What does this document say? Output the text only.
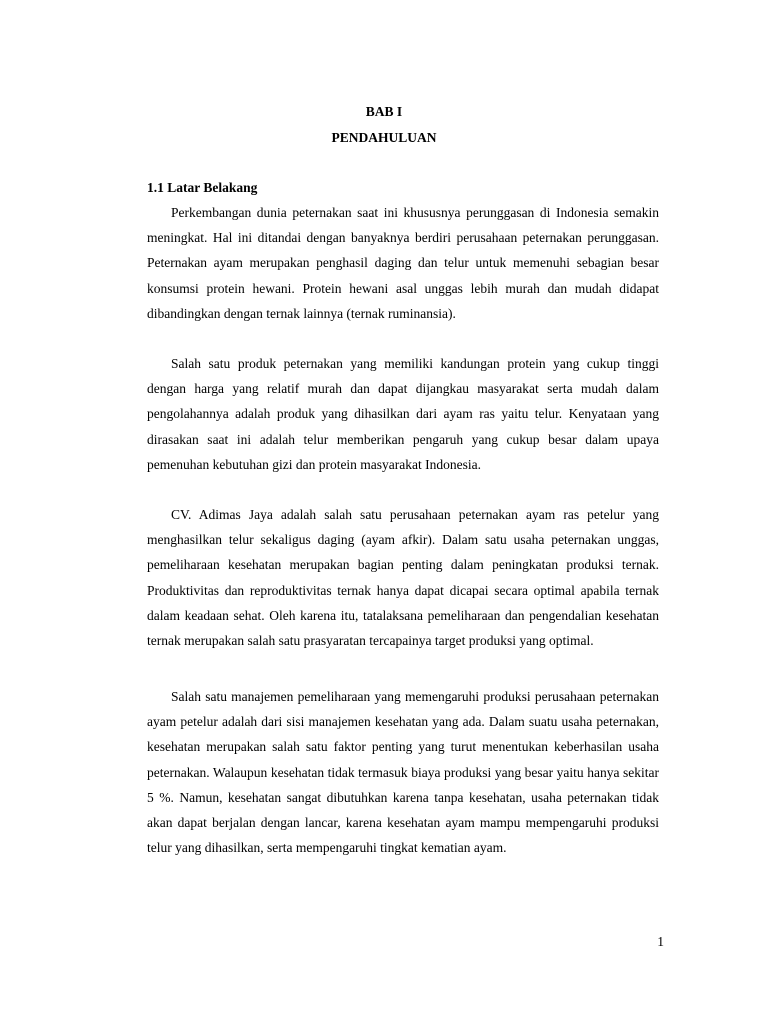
BAB I
PENDAHULUAN
1.1 Latar Belakang

Perkembangan dunia peternakan saat ini khususnya perunggasan di Indonesia semakin meningkat. Hal ini ditandai dengan banyaknya berdiri perusahaan peternakan perunggasan. Peternakan ayam merupakan penghasil daging dan telur untuk memenuhi sebagian besar konsumsi protein hewani. Protein hewani asal unggas lebih murah dan mudah didapat dibandingkan dengan ternak lainnya (ternak ruminansia).

Salah satu produk peternakan yang memiliki kandungan protein yang cukup tinggi dengan harga yang relatif murah dan dapat dijangkau masyarakat serta mudah dalam pengolahannya adalah produk yang dihasilkan dari ayam ras yaitu telur. Kenyataan yang dirasakan saat ini adalah telur memberikan pengaruh yang cukup besar dalam upaya pemenuhan kebutuhan gizi dan protein masyarakat Indonesia.

CV. Adimas Jaya adalah salah satu perusahaan peternakan ayam ras petelur yang menghasilkan telur sekaligus daging (ayam afkir). Dalam satu usaha peternakan unggas, pemeliharaan kesehatan merupakan bagian penting dalam peningkatan produksi ternak. Produktivitas dan reproduktivitas ternak hanya dapat dicapai secara optimal apabila ternak dalam keadaan sehat. Oleh karena itu, tatalaksana pemeliharaan dan pengendalian kesehatan ternak merupakan salah satu prasyaratan tercapainya target produksi yang optimal.

Salah satu manajemen pemeliharaan yang memengaruhi produksi perusahaan peternakan ayam petelur adalah dari sisi manajemen kesehatan yang ada. Dalam suatu usaha peternakan, kesehatan merupakan salah satu faktor penting yang turut menentukan keberhasilan usaha peternakan. Walaupun kesehatan tidak termasuk biaya produksi yang besar yaitu hanya sekitar 5 %. Namun, kesehatan sangat dibutuhkan karena tanpa kesehatan, usaha peternakan tidak akan dapat berjalan dengan lancar, karena kesehatan ayam mampu mempengaruhi produksi telur yang dihasilkan, serta mempengaruhi tingkat kematian ayam.

1
